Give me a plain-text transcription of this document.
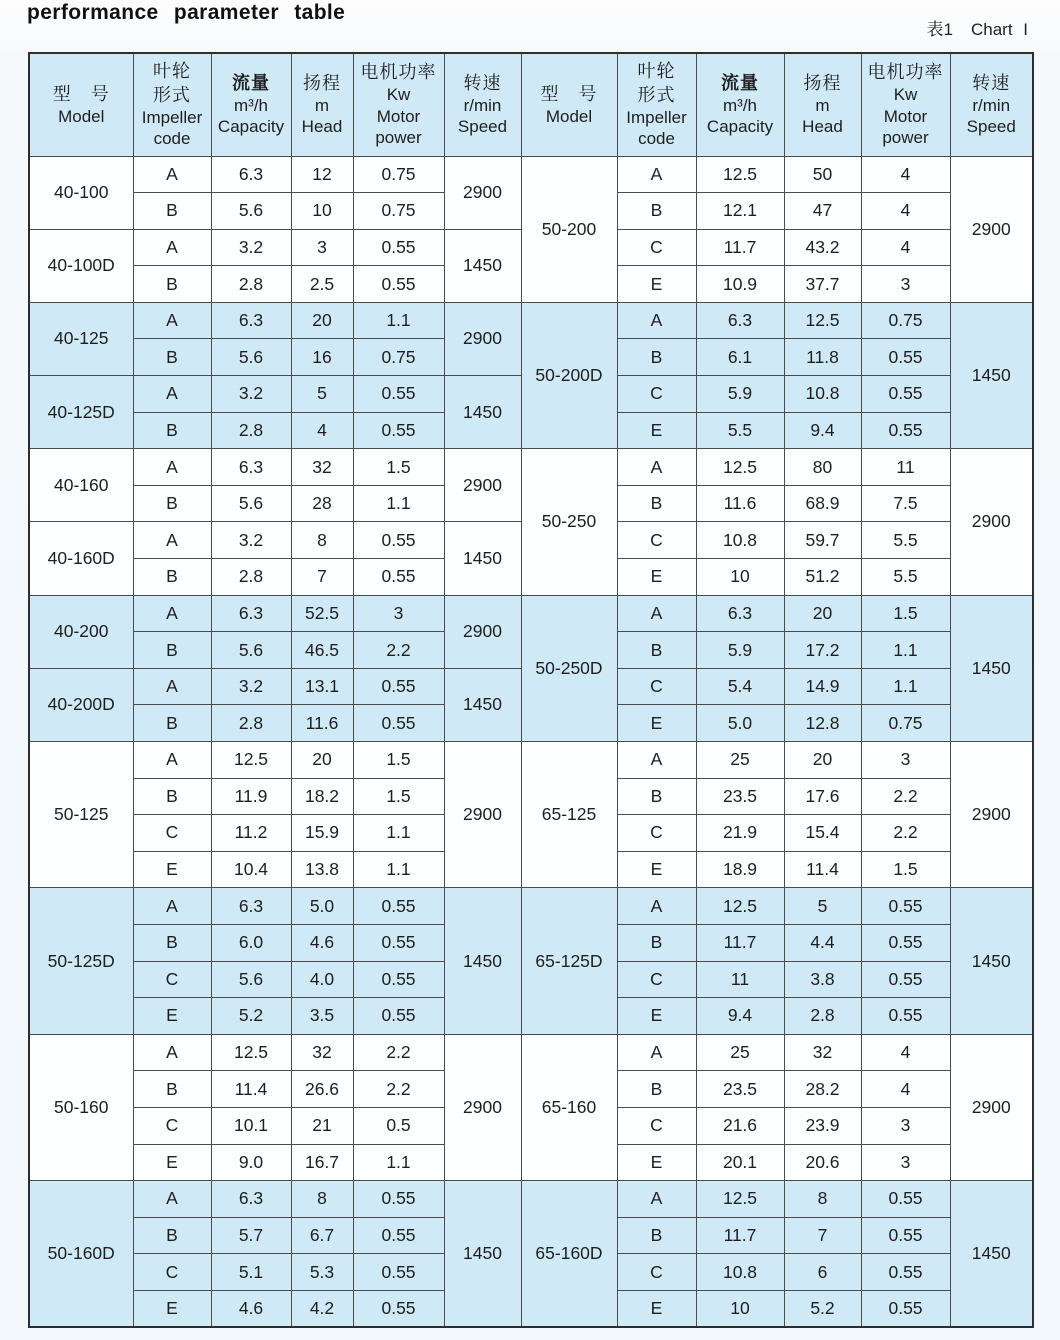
performance parameter table
表1 Chart I
型　号
Model

叶轮
形式
Impeller
code

流量
m³/h
Capacity

扬程
m
Head

电机功率
Kw
Motor
power

转速
r/min
Speed

型　号
Model

叶轮
形式
Impeller
code

流量
m³/h
Capacity

扬程
m
Head

电机功率
Kw
Motor
power

转速
r/min
Speed

40-100	A	6.3	12	0.75	2900	50-200	A	12.5	50	4	2900
	B	5.6	10	0.75			B	12.1	47	4	
40-100D	A	3.2	3	0.55	1450		C	11.7	43.2	4	
	B	2.8	2.5	0.55			E	10.9	37.7	3	
40-125	A	6.3	20	1.1	2900	50-200D	A	6.3	12.5	0.75	1450
	B	5.6	16	0.75			B	6.1	11.8	0.55	
40-125D	A	3.2	5	0.55	1450		C	5.9	10.8	0.55	
	B	2.8	4	0.55			E	5.5	9.4	0.55	
40-160	A	6.3	32	1.5	2900	50-250	A	12.5	80	11	2900
	B	5.6	28	1.1			B	11.6	68.9	7.5	
40-160D	A	3.2	8	0.55	1450		C	10.8	59.7	5.5	
	B	2.8	7	0.55			E	10	51.2	5.5	
40-200	A	6.3	52.5	3	2900	50-250D	A	6.3	20	1.5	1450
	B	5.6	46.5	2.2			B	5.9	17.2	1.1	
40-200D	A	3.2	13.1	0.55	1450		C	5.4	14.9	1.1	
	B	2.8	11.6	0.55			E	5.0	12.8	0.75	
50-125	A	12.5	20	1.5	2900	65-125	A	25	20	3	2900
	B	11.9	18.2	1.5			B	23.5	17.6	2.2	
	C	11.2	15.9	1.1			C	21.9	15.4	2.2	
	E	10.4	13.8	1.1			E	18.9	11.4	1.5	
50-125D	A	6.3	5.0	0.55	1450	65-125D	A	12.5	5	0.55	1450
	B	6.0	4.6	0.55			B	11.7	4.4	0.55	
	C	5.6	4.0	0.55			C	11	3.8	0.55	
	E	5.2	3.5	0.55			E	9.4	2.8	0.55	
50-160	A	12.5	32	2.2	2900	65-160	A	25	32	4	2900
	B	11.4	26.6	2.2			B	23.5	28.2	4	
	C	10.1	21	0.5			C	21.6	23.9	3	
	E	9.0	16.7	1.1			E	20.1	20.6	3	
50-160D	A	6.3	8	0.55	1450	65-160D	A	12.5	8	0.55	1450
	B	5.7	6.7	0.55			B	11.7	7	0.55	
	C	5.1	5.3	0.55			C	10.8	6	0.55	
	E	4.6	4.2	0.55			E	10	5.2	0.55	
